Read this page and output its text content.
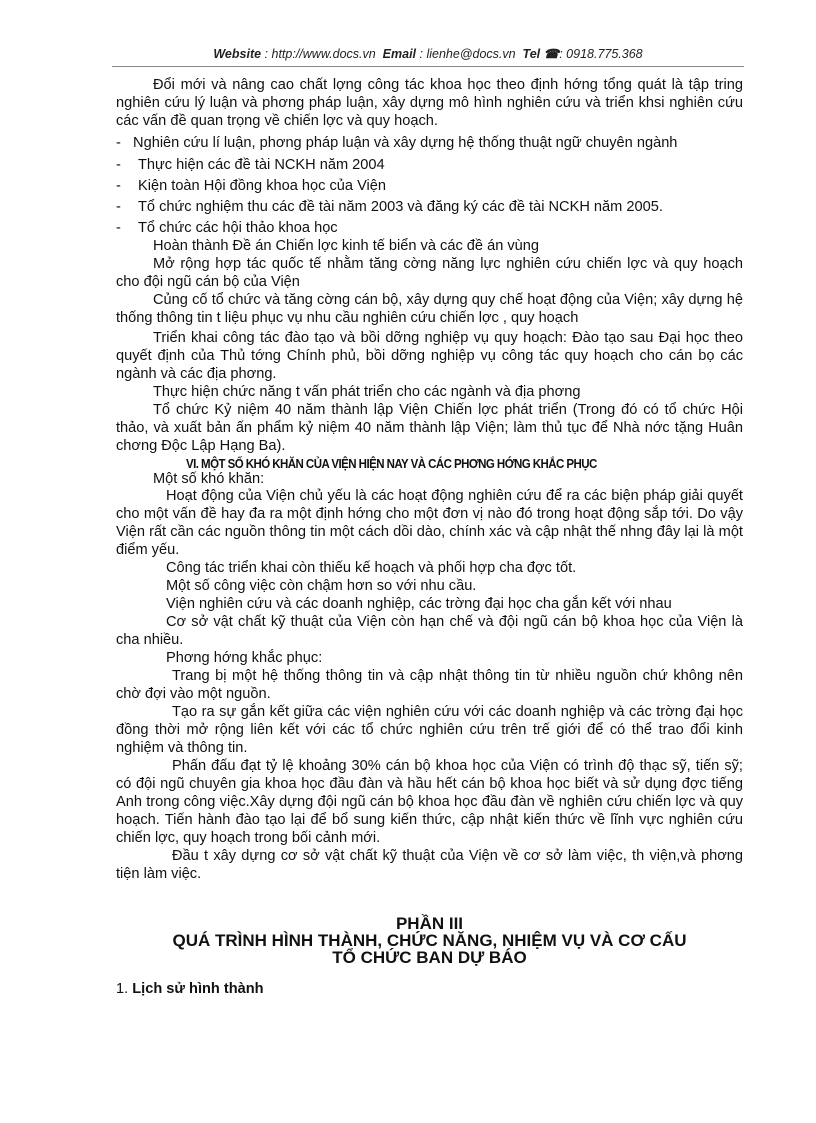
Website : http://www.docs.vn Email : lienhe@docs.vn Tel ☎: 0918.775.368

Đổi mới và nâng cao chất lợng công tác khoa học theo định hớng tổng quát là tập tring nghiên cứu lý luận và phơng pháp luận, xây dựng mô hình nghiên cứu và triển khsi nghiên cứu các vấn đề quan trọng về chiến lợc và quy hoạch.

- Nghiên cứu lí luận, phơng pháp luận và xây dựng hệ thống thuật ngữ chuyên ngành

-	Thực hiện các đề tài NCKH năm 2004
-	Kiện toàn Hội đồng khoa học của Viện
-	Tổ chức nghiệm thu các đề tài năm 2003 và đăng ký các đề tài NCKH năm 2005.
-	Tổ chức các hội thảo khoa học

Hoàn thành Đề án Chiến lợc kinh tế biển và các đề án vùng

Mở rộng hợp tác quốc tế nhằm tăng cờng năng lực nghiên cứu chiến lợc và quy hoạch cho đội ngũ cán bộ của Viện

Củng cố tổ chức và tăng cờng cán bộ, xây dựng quy chế hoạt động của Viện; xây dựng hệ thống thông tin t liệu phục vụ nhu cầu nghiên cứu chiến lợc , quy hoạch

Triển khai công tác đào tạo và bồi dỡng nghiệp vụ quy hoạch: Đào tạo sau Đại học theo quyết định của Thủ tớng Chính phủ, bồi dỡng nghiệp vụ công tác quy hoạch cho cán bọ các ngành và các địa phơng.

Thực hiện chức năng t vấn phát triển cho các ngành và địa phơng

Tổ chức Kỷ niệm 40 năm thành lập Viện Chiến lợc phát triển (Trong đó có tổ chức Hội thảo, và xuất bản ấn phẩm kỷ niệm 40 năm thành lập Viện; làm thủ tục để Nhà nớc tặng Huân chơng Độc Lập Hạng Ba).

VI. MỘT SỐ KHÓ KHĂN CỦA VIỆN HIỆN NAY VÀ CÁC PHƠNG HỚNG KHẮC PHỤC

Một số khó khăn:

Hoạt động của Viện chủ yếu là các hoạt động nghiên cứu để ra các biện pháp giải quyết cho một vấn đề hay đa ra một định hớng cho một đơn vị nào đó trong hoạt động sắp tới. Do vậy Viện rất cần các nguồn thông tin một cách dồi dào, chính xác và cập nhật thế nhng đây lại là một điểm yếu.

Công tác triển khai còn thiếu kế hoạch và phối hợp cha đợc tốt.

Một số công việc còn chậm hơn so với nhu cầu.

Viện nghiên cứu và các doanh nghiệp, các trờng đại học cha gắn kết với nhau

Cơ sở vật chất kỹ thuật của Viện còn hạn chế và đội ngũ cán bộ khoa học của Viện là cha nhiều.

Phơng hớng khắc phục:

Trang bị một hệ thống thông tin và cập nhật thông tin từ nhiều nguồn chứ không nên chờ đợi vào một nguồn.

Tạo ra sự gắn kết giữa các viện nghiên cứu với các doanh nghiệp và các trờng đại học đồng thời mở rộng liên kết với các tổ chức nghiên cứu trên trế giới để có thể trao đổi kinh nghiệm và thông tin.

Phấn đấu đạt tỷ lệ khoảng 30% cán bộ khoa học của Viện có trình độ thạc sỹ, tiến sỹ; có đội ngũ chuyên gia khoa học đầu đàn và hầu hết cán bộ khoa học biết và sử dụng đợc tiếng Anh trong công việc.Xây dựng đội ngũ cán bộ khoa học đầu đàn về nghiên cứu chiến lợc và quy hoạch. Tiến hành đào tạo lại để bổ sung kiến thức, cập nhật kiến thức về lĩnh vực nghiên cứu chiến lợc, quy hoạch trong bối cảnh mới.

Đầu t xây dựng cơ sở vật chất kỹ thuật của Viện về cơ sở làm việc, th viện,và phơng tiện làm việc.

PHẦN III
QUÁ TRÌNH HÌNH THÀNH, CHỨC NĂNG, NHIỆM VỤ VÀ CƠ CẤU
TỔ CHỨC BAN DỰ BÁO
1. Lịch sử hình thành
